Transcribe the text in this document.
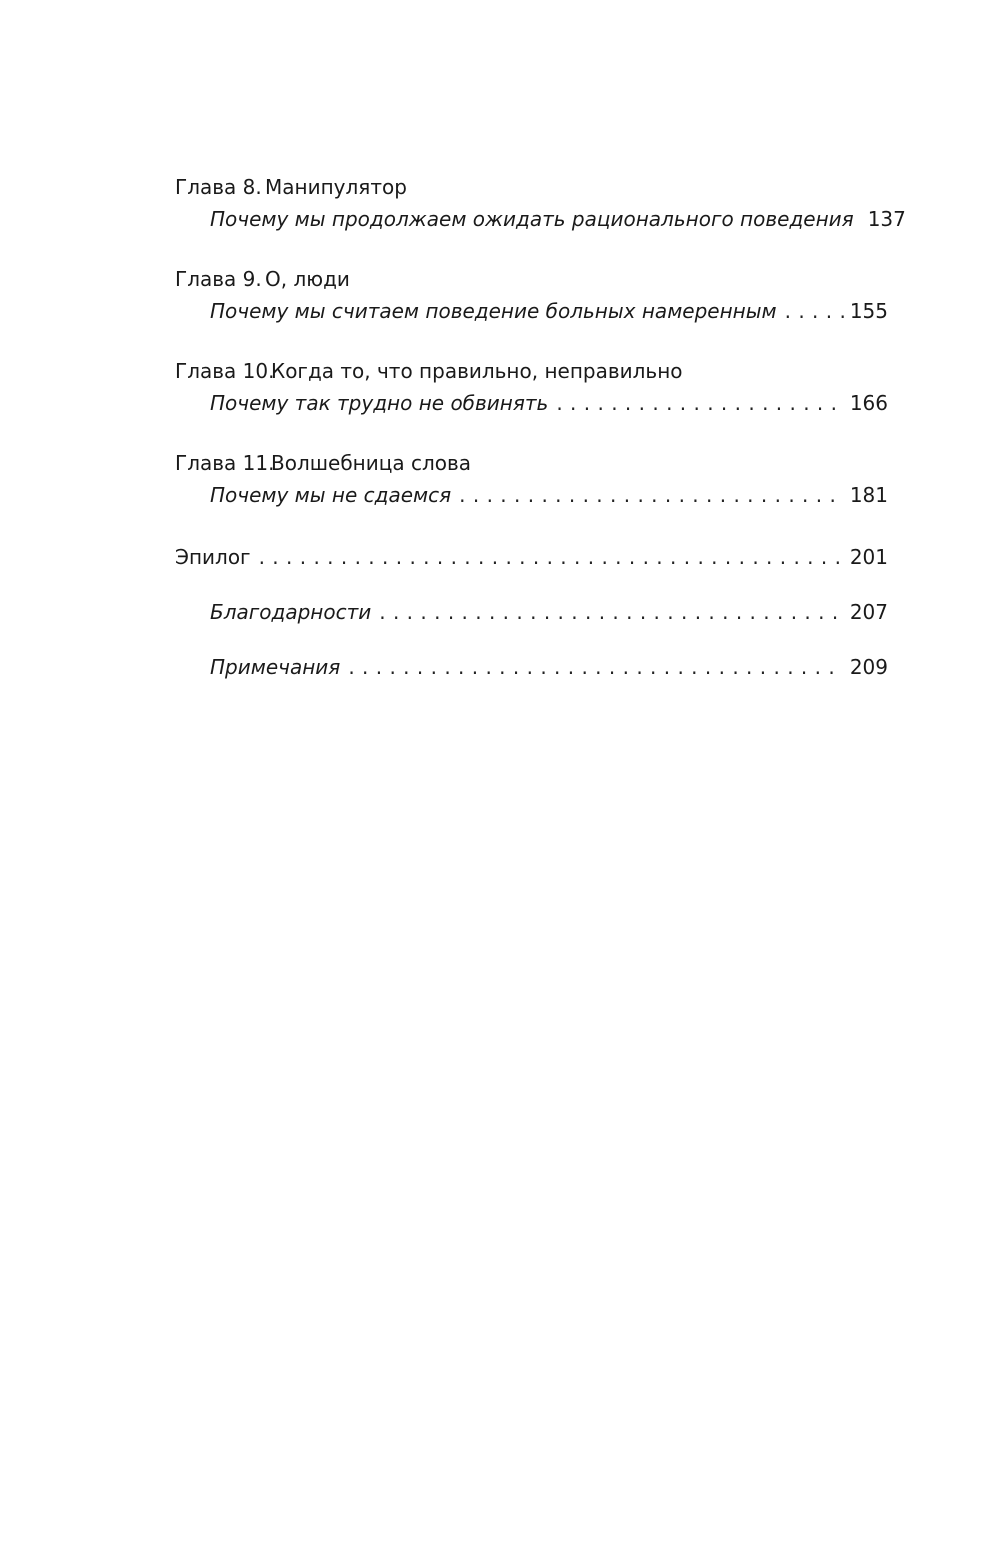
Глава 8. Манипулятор
Почему мы продолжаем ожидать рационального поведения 137
Глава 9. О, люди
Почему мы считаем поведение больных намеренным . . .	155
Глава 10.Когда то, что правильно, неправильно
Почему так трудно не обвинять . . .	166
Глава 11.Волшебница слова
Почему мы не сдаемся . . .	181
Эпилог . . .	201
Благодарности . . .	207
Примечания . . .	209
